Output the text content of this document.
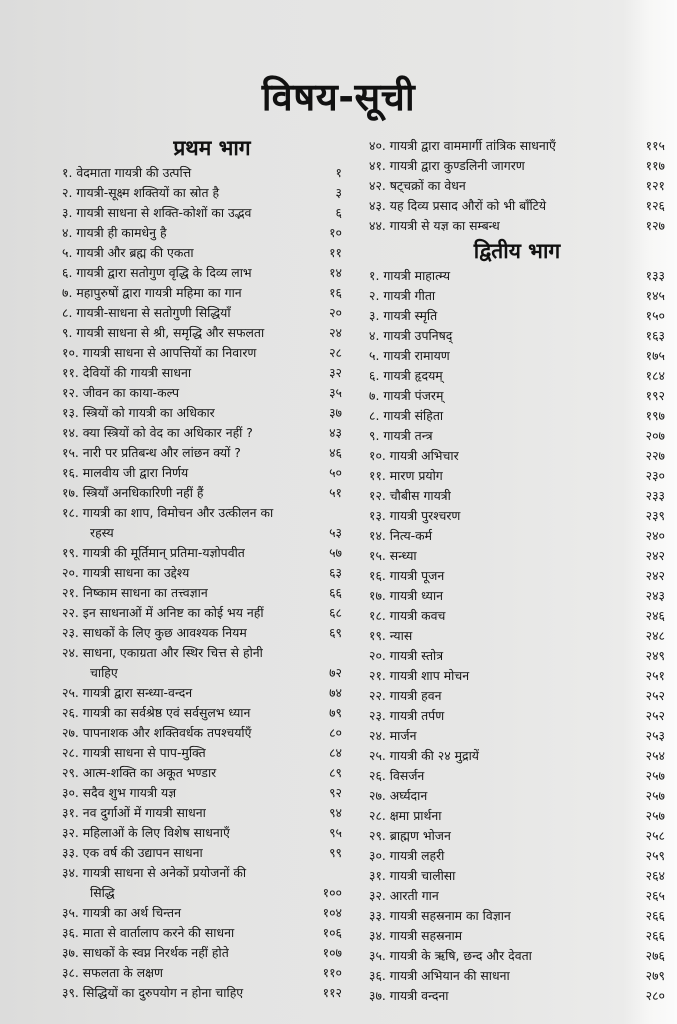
विषय-सूची
प्रथम भाग
१. वेदमाता गायत्री की उत्पत्ति	१
२. गायत्री-सूक्ष्म शक्तियों का स्रोत है	३
३. गायत्री साधना से शक्ति-कोशों का उद्भव	६
४. गायत्री ही कामधेनु है	१०
५. गायत्री और ब्रह्म की एकता	११
६. गायत्री द्वारा सतोगुण वृद्धि के दिव्य लाभ	१४
७. महापुरुषों द्वारा गायत्री महिमा का गान	१६
८. गायत्री-साधना से सतोगुणी सिद्धियाँ	२०
९. गायत्री साधना से श्री, समृद्धि और सफलता	२४
१०. गायत्री साधना से आपत्तियों का निवारण	२८
११. देवियों की गायत्री साधना	३२
१२. जीवन का काया-कल्प	३५
१३. स्त्रियों को गायत्री का अधिकार	३७
१४. क्या स्त्रियों को वेद का अधिकार नहीं ?	४३
१५. नारी पर प्रतिबन्ध और लांछन क्यों ?	४६
१६. मालवीय जी द्वारा निर्णय	५०
१७. स्त्रियाँ अनधिकारिणी नहीं हैं	५१
१८. गायत्री का शाप, विमोचन और उत्कीलन का
रहस्य	५३
१९. गायत्री की मूर्तिमान् प्रतिमा-यज्ञोपवीत	५७
२०. गायत्री साधना का उद्देश्य	६३
२१. निष्काम साधना का तत्त्वज्ञान	६६
२२. इन साधनाओं में अनिष्ट का कोई भय नहीं	६८
२३. साधकों के लिए कुछ आवश्यक नियम	६९
२४. साधना, एकाग्रता और स्थिर चित्त से होनी
चाहिए	७२
२५. गायत्री द्वारा सन्ध्या-वन्दन	७४
२६. गायत्री का सर्वश्रेष्ठ एवं सर्वसुलभ ध्यान	७९
२७. पापनाशक और शक्तिवर्धक तपश्चर्याएँ	८०
२८. गायत्री साधना से पाप-मुक्ति	८४
२९. आत्म-शक्ति का अकूत भण्डार	८९
३०. सदैव शुभ गायत्री यज्ञ	९२
३१. नव दुर्गाओं में गायत्री साधना	९४
३२. महिलाओं के लिए विशेष साधनाएँ	९५
३३. एक वर्ष की उद्यापन साधना	९९
३४. गायत्री साधना से अनेकों प्रयोजनों की
सिद्धि	१००
३५. गायत्री का अर्थ चिन्तन	१०४
३६. माता से वार्तालाप करने की साधना	१०६
३७. साधकों के स्वप्न निरर्थक नहीं होते	१०७
३८. सफलता के लक्षण	११०
३९. सिद्धियों का दुरुपयोग न होना चाहिए	११२
४०. गायत्री द्वारा वाममार्गी तांत्रिक साधनाएँ	११५
४१. गायत्री द्वारा कुण्डलिनी जागरण	११७
४२. षट्चक्रों का वेधन	१२१
४३. यह दिव्य प्रसाद औरों को भी बाँटिये	१२६
४४. गायत्री से यज्ञ का सम्बन्ध	१२७
द्वितीय भाग
१. गायत्री माहात्म्य	१३३
२. गायत्री गीता	१४५
३. गायत्री स्मृति	१५०
४. गायत्री उपनिषद्	१६३
५. गायत्री रामायण	१७५
६. गायत्री हृदयम्	१८४
७. गायत्री पंजरम्	१९२
८. गायत्री संहिता	१९७
९. गायत्री तन्त्र	२०७
१०. गायत्री अभिचार	२२७
११. मारण प्रयोग	२३०
१२. चौबीस गायत्री	२३३
१३. गायत्री पुरश्चरण	२३९
१४. नित्य-कर्म	२४०
१५. सन्ध्या	२४२
१६. गायत्री पूजन	२४२
१७. गायत्री ध्यान	२४३
१८. गायत्री कवच	२४६
१९. न्यास	२४८
२०. गायत्री स्तोत्र	२४९
२१. गायत्री शाप मोचन	२५१
२२. गायत्री हवन	२५२
२३. गायत्री तर्पण	२५२
२४. मार्जन	२५३
२५. गायत्री की २४ मुद्रायें	२५४
२६. विसर्जन	२५७
२७. अर्घ्यदान	२५७
२८. क्षमा प्रार्थना	२५७
२९. ब्राह्मण भोजन	२५८
३०. गायत्री लहरी	२५९
३१. गायत्री चालीसा	२६४
३२. आरती गान	२६५
३३. गायत्री सहस्रनाम का विज्ञान	२६६
३४. गायत्री सहस्रनाम	२६६
३५. गायत्री के ऋषि, छन्द और देवता	२७६
३६. गायत्री अभियान की साधना	२७९
३७. गायत्री वन्दना	२८०
